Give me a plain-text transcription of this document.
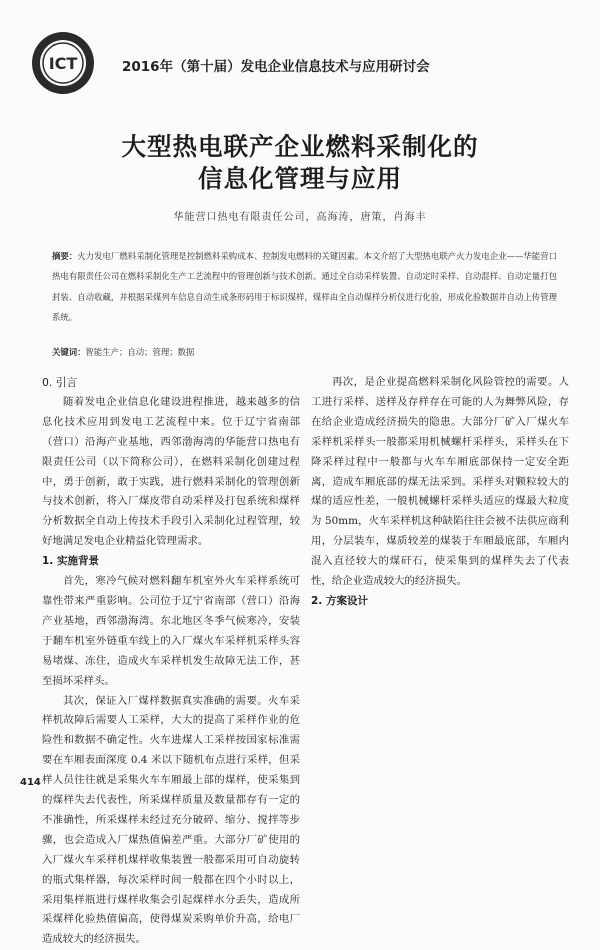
ICT	2016年（第十届）发电企业信息技术与应用研讨会
大型热电联产企业燃料采制化的
信息化管理与应用
华能营口热电有限责任公司，高海涛，唐策，肖海丰

摘要：火力发电厂燃料采制化管理是控制燃料采购成本、控制发电燃料的关键因素。本文介绍了大型热电联产火力发电企业——华能营口热电有限责任公司在燃料采制化生产工艺流程中的管理创新与技术创新。通过全自动采样装置、自动定时采样、自动混样、自动定量打包封装、自动收藏，并根据采煤列车信息自动生成条形码用于标识煤样，煤样由全自动煤样分析仪进行化验，形成化验数据并自动上传管理系统。

关键词：智能生产；自动；管理；数据
0. 引言

随着发电企业信息化建设进程推进，越来越多的信息化技术应用到发电工艺流程中来。位于辽宁省南部（营口）沿海产业基地，西邻渤海湾的华能营口热电有限责任公司（以下简称公司），在燃料采制化创建过程中，勇于创新，敢于实践，进行燃料采制化的管理创新与技术创新，将入厂煤皮带自动采样及打包系统和煤样分析数据全自动上传技术手段引入采制化过程管理，较好地满足发电企业精益化管理需求。

1. 实施背景

首先，寒冷气候对燃料翻车机室外火车采样系统可靠性带来严重影响。公司位于辽宁省南部（营口）沿海产业基地，西邻渤海湾。东北地区冬季气候寒冷，安装于翻车机室外链重车线上的入厂煤火车采样机采样头容易堵煤、冻住，造成火车采样机发生故障无法工作，甚至损坏采样头。

其次，保证入厂煤样数据真实准确的需要。火车采样机故障后需要人工采样，大大的提高了采样作业的危险性和数据不确定性。火车进煤人工采样按国家标准需要在车厢表面深度 0.4 米以下随机布点进行采样，但采样人员往往就是采集火车车厢最上部的煤样，使采集到的煤样失去代表性，所采煤样质量及数量都存有一定的不准确性，所采煤样未经过充分破碎、缩分、搅拌等步骤，也会造成入厂煤热值偏差严重。大部分厂矿使用的入厂煤火车采样机煤样收集装置一般都采用可自动旋转的瓶式集样器，每次采样时间一般都在四个小时以上，采用集样瓶进行煤样收集会引起煤样水分丢失，造成所采煤样化验热值偏高，使得煤炭采购单价升高，给电厂造成较大的经济损失。

再次，是企业提高燃料采制化风险管控的需要。人工进行采样、送样及存样存在可能的人为舞弊风险，存在给企业造成经济损失的隐患。大部分厂矿入厂煤火车采样机采样头一般都采用机械螺杆采样头，采样头在下降采样过程中一般都与火车车厢底部保持一定安全距离，造成车厢底部的煤无法采到。采样头对颗粒较大的煤的适应性差，一般机械螺杆采样头适应的煤最大粒度为 50mm，火车采样机这种缺陷往往会被不法供应商利用，分层装车，煤质较差的煤装于车厢最底部，车厢内混入直径较大的煤矸石，使采集到的煤样失去了代表性，给企业造成较大的经济损失。

2. 方案设计
414
